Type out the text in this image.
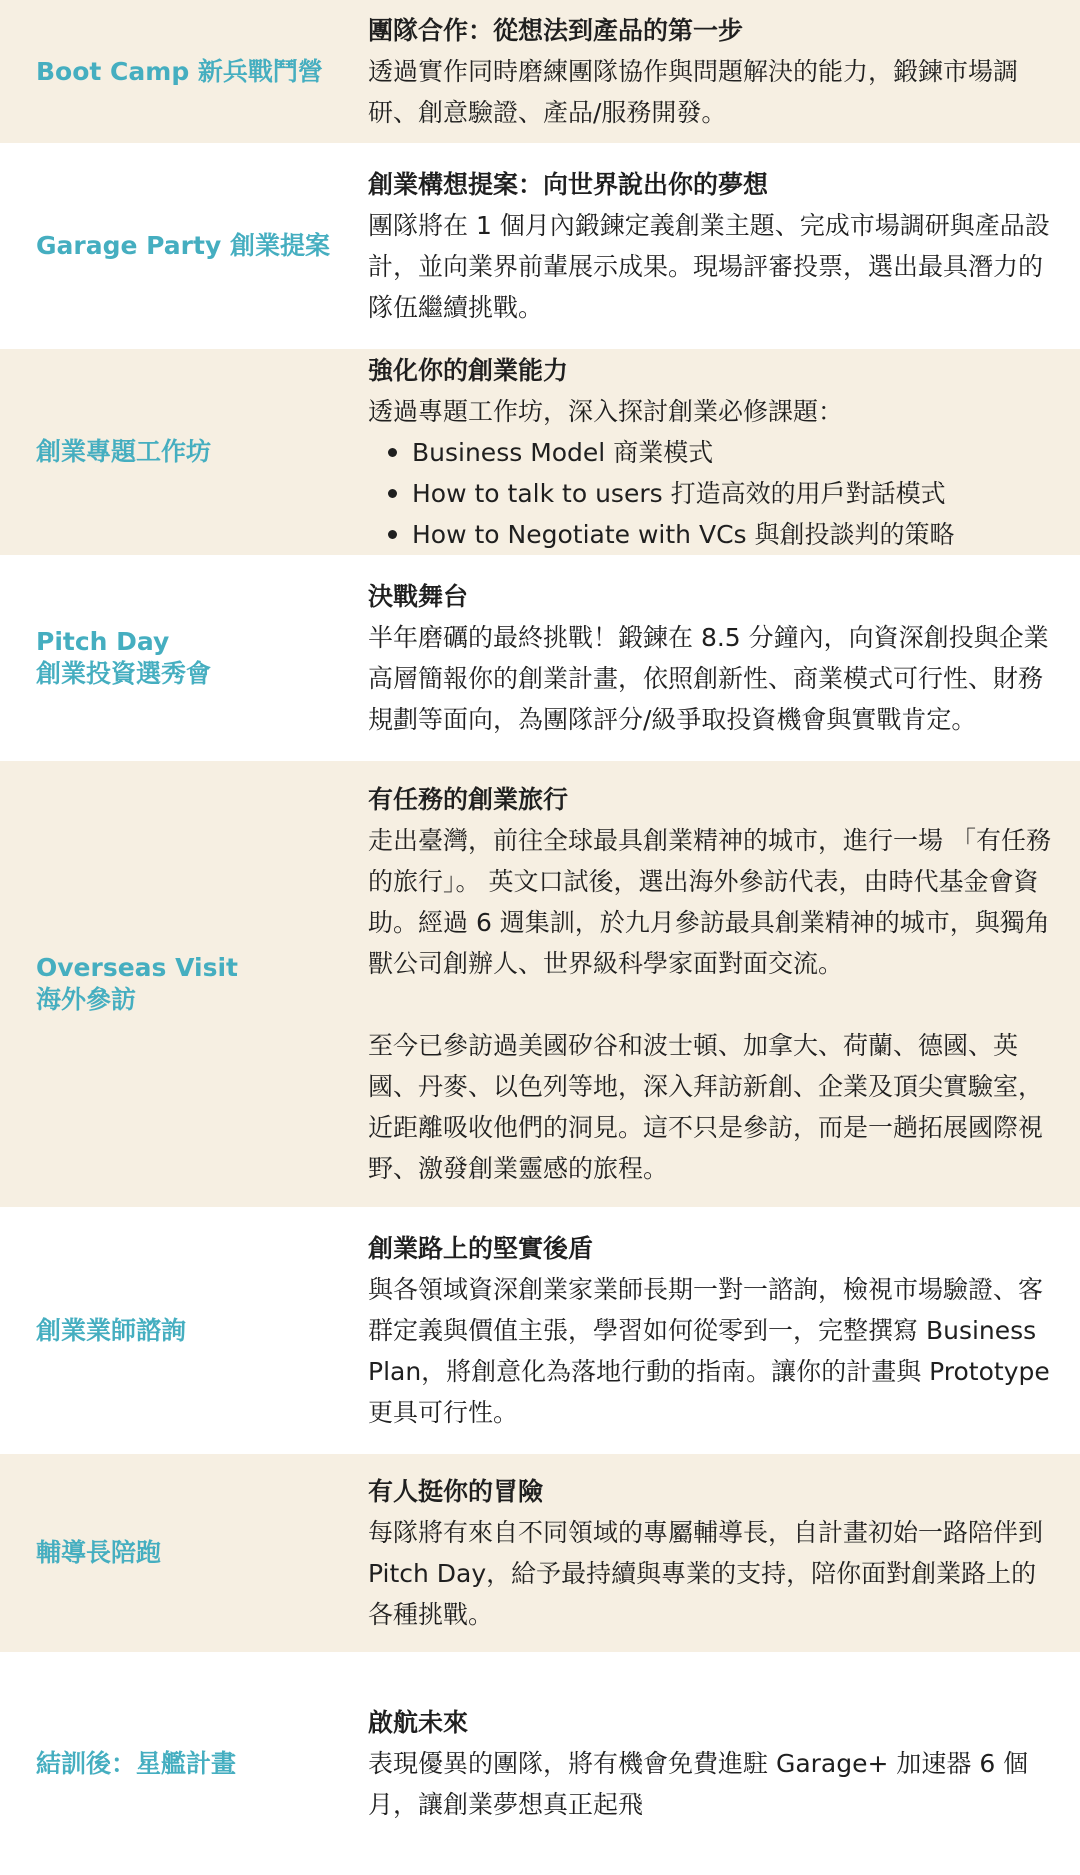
Boot Camp 新兵戰鬥營
團隊合作：從想法到產品的第一步
透過實作同時磨練團隊協作與問題解決的能力，鍛鍊市場調研、創意驗證、產品/服務開發。
Garage Party 創業提案
創業構想提案：向世界說出你的夢想
團隊將在 1 個月內鍛鍊定義創業主題、完成市場調研與產品設計，並向業界前輩展示成果。現場評審投票，選出最具潛力的隊伍繼續挑戰。
創業專題工作坊
強化你的創業能力
透過專題工作坊，深入探討創業必修課題：
Business Model 商業模式
How to talk to users 打造高效的用戶對話模式
How to Negotiate with VCs 與創投談判的策略
Pitch Day
創業投資選秀會
決戰舞台
半年磨礪的最終挑戰！鍛鍊在 8.5 分鐘內，向資深創投與企業高層簡報你的創業計畫，依照創新性、商業模式可行性、財務規劃等面向，為團隊評分/級爭取投資機會與實戰肯定。
Overseas Visit
海外參訪
有任務的創業旅行
走出臺灣，前往全球最具創業精神的城市，進行一場 「有任務的旅行」。 英文口試後，選出海外參訪代表，由時代基金會資助。經過 6 週集訓，於九月參訪最具創業精神的城市，與獨角獸公司創辦人、世界級科學家面對面交流。
至今已參訪過美國矽谷和波士頓、加拿大、荷蘭、德國、英國、丹麥、以色列等地，深入拜訪新創、企業及頂尖實驗室，近距離吸收他們的洞見。這不只是參訪，而是一趟拓展國際視野、激發創業靈感的旅程。
創業業師諮詢
創業路上的堅實後盾
與各領域資深創業家業師長期一對一諮詢，檢視市場驗證、客群定義與價值主張，學習如何從零到一，完整撰寫 Business Plan，將創意化為落地行動的指南。讓你的計畫與 Prototype 更具可行性。
輔導長陪跑
有人挺你的冒險
每隊將有來自不同領域的專屬輔導長，自計畫初始一路陪伴到 Pitch Day，給予最持續與專業的支持，陪你面對創業路上的各種挑戰。
結訓後：星艦計畫
啟航未來
表現優異的團隊，將有機會免費進駐 Garage+ 加速器 6 個月，讓創業夢想真正起飛
